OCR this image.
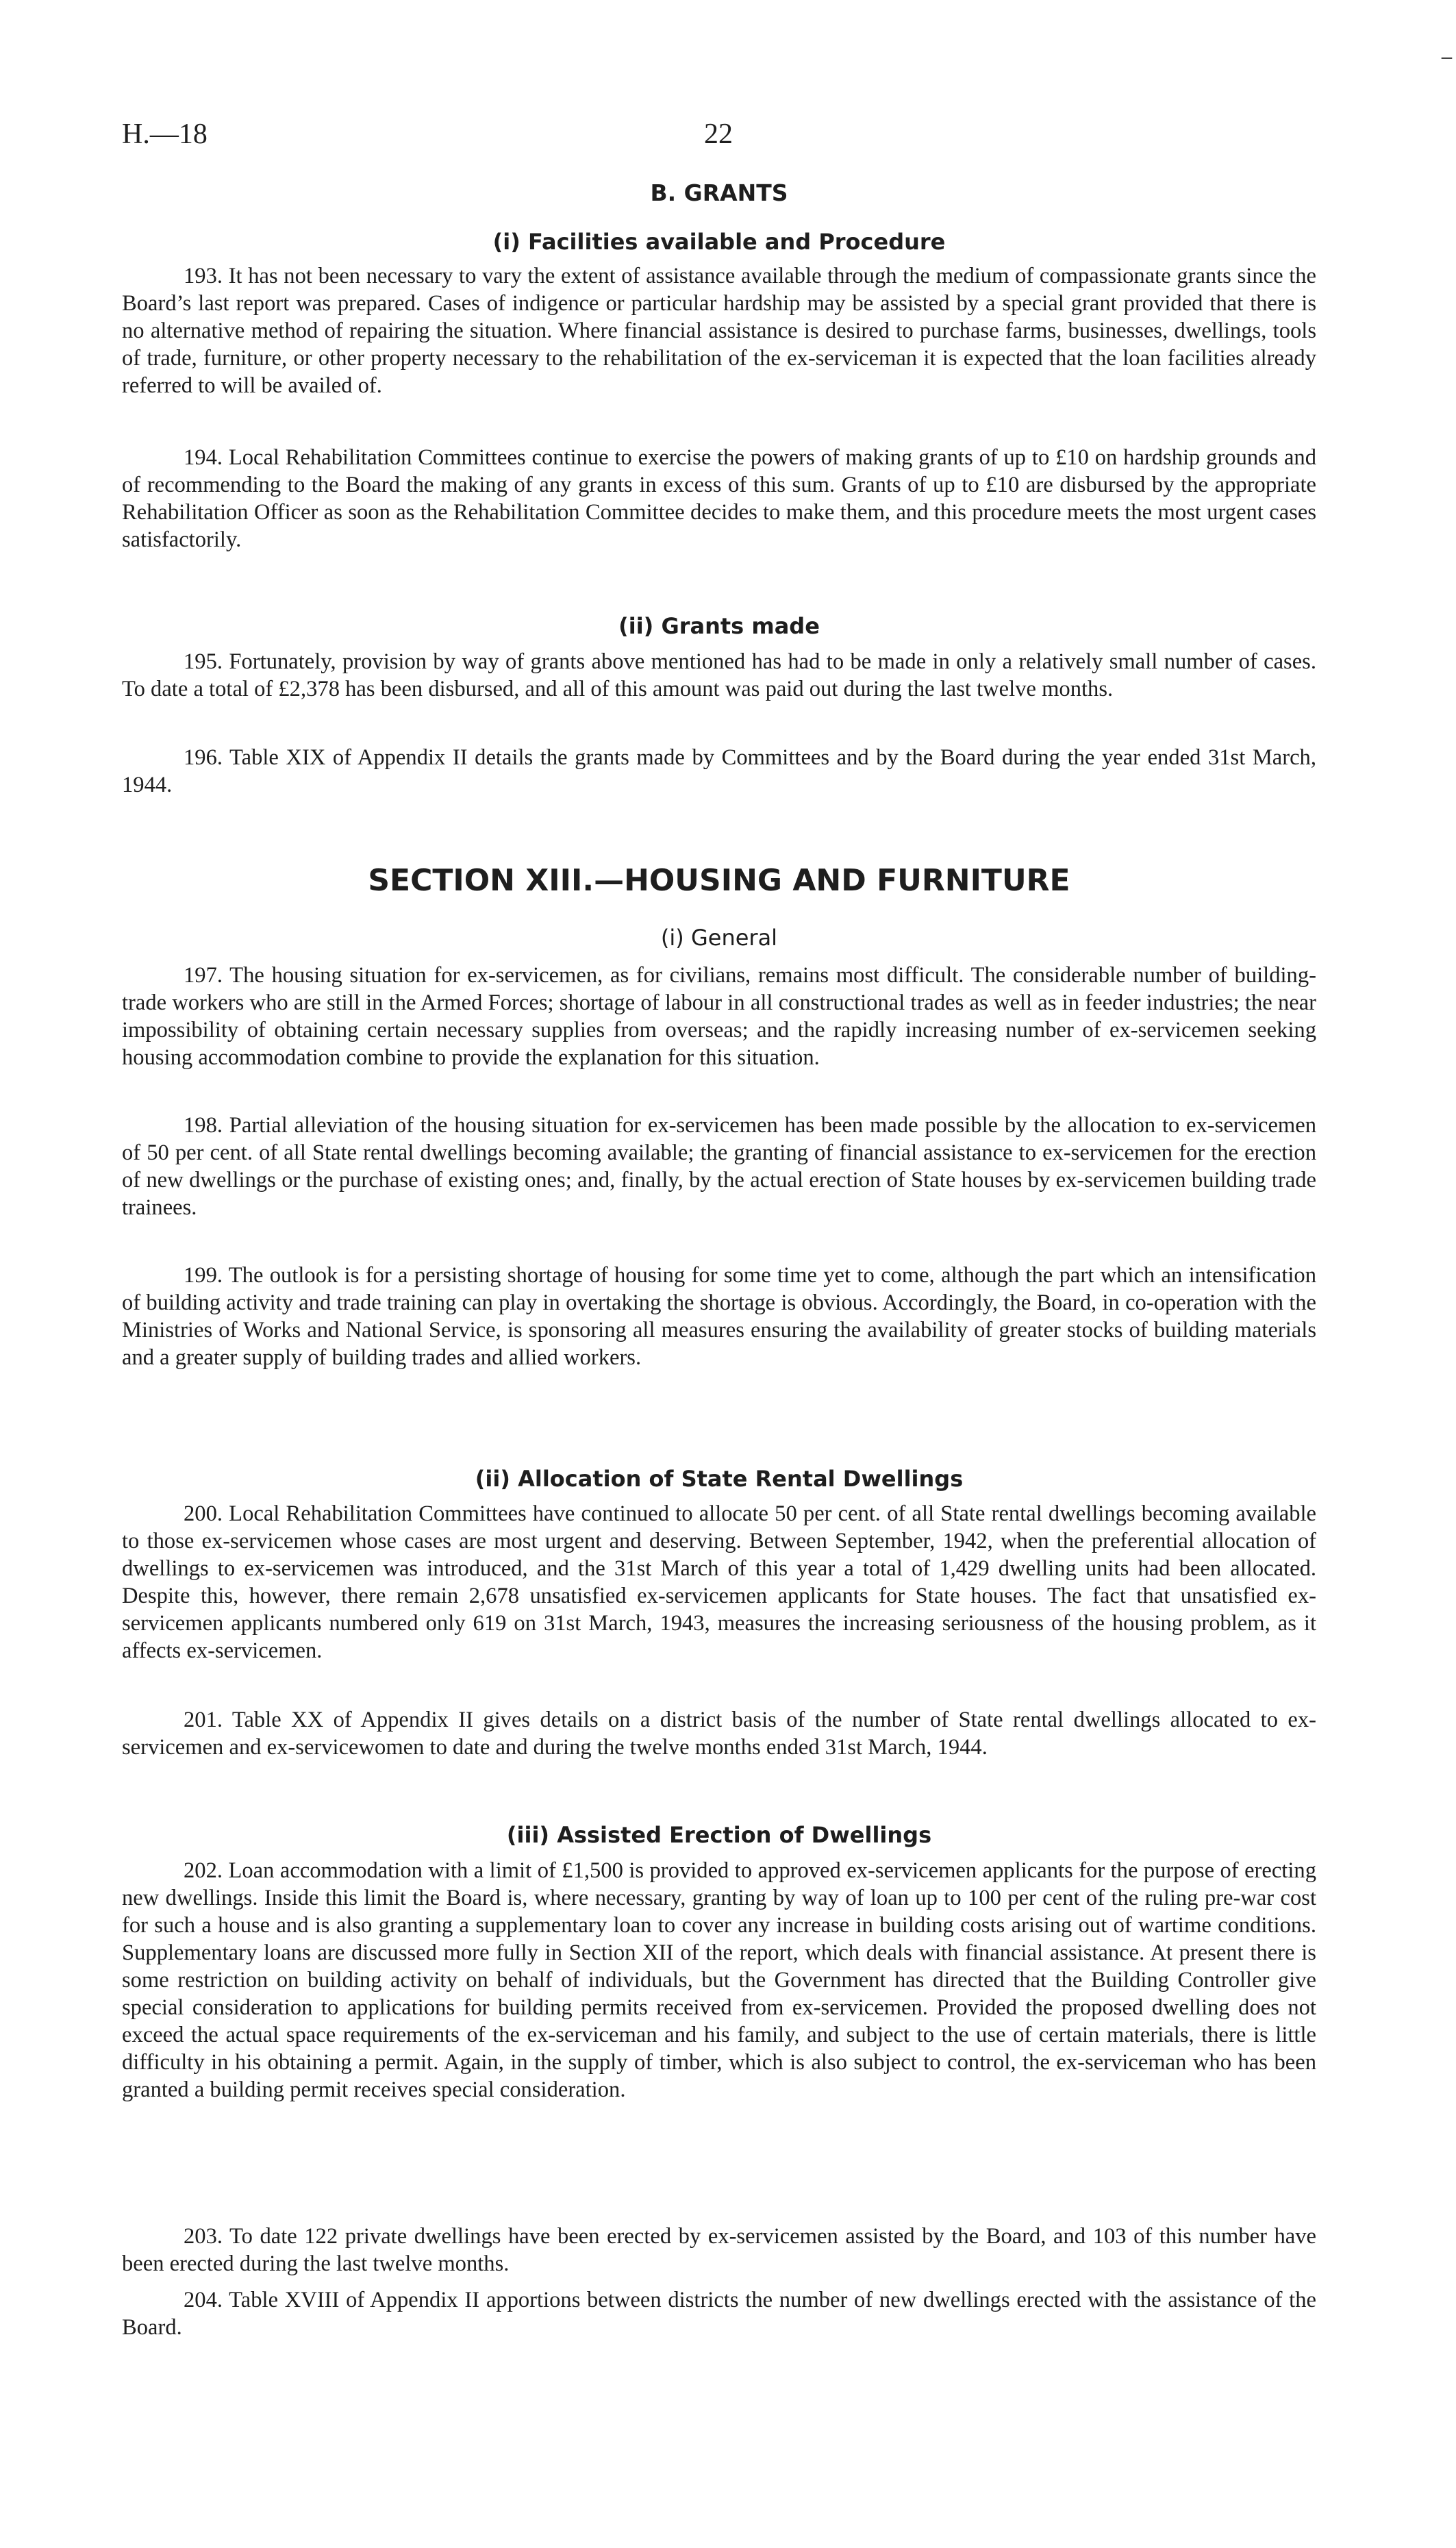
_
H.—18	22
B. GRANTS
(i) Facilities available and Procedure

193. It has not been necessary to vary the extent of assistance available through the medium of compassionate grants since the Board’s last report was prepared. Cases of indigence or particular hardship may be assisted by a special grant provided that there is no alternative method of repairing the situation. Where financial assistance is desired to purchase farms, businesses, dwellings, tools of trade, furniture, or other property necessary to the rehabilitation of the ex-serviceman it is expected that the loan facilities already referred to will be availed of.

194. Local Rehabilitation Committees continue to exercise the powers of making grants of up to £10 on hardship grounds and of recommending to the Board the making of any grants in excess of this sum. Grants of up to £10 are disbursed by the appropriate Rehabilitation Officer as soon as the Rehabilitation Committee decides to make them, and this procedure meets the most urgent cases satisfactorily.

(ii) Grants made

195. Fortunately, provision by way of grants above mentioned has had to be made in only a relatively small number of cases. To date a total of £2,378 has been disbursed, and all of this amount was paid out during the last twelve months.

196. Table XIX of Appendix II details the grants made by Committees and by the Board during the year ended 31st March, 1944.

SECTION XIII.—HOUSING AND FURNITURE
(i) General

197. The housing situation for ex-servicemen, as for civilians, remains most difficult. The considerable number of building-trade workers who are still in the Armed Forces; shortage of labour in all constructional trades as well as in feeder industries; the near impossibility of obtaining certain necessary supplies from overseas; and the rapidly increasing number of ex-servicemen seeking housing accommodation combine to provide the explanation for this situation.

198. Partial alleviation of the housing situation for ex-servicemen has been made possible by the allocation to ex-servicemen of 50 per cent. of all State rental dwellings becoming available; the granting of financial assistance to ex-servicemen for the erection of new dwellings or the purchase of existing ones; and, finally, by the actual erection of State houses by ex-servicemen building trade trainees.

199. The outlook is for a persisting shortage of housing for some time yet to come, although the part which an intensification of building activity and trade training can play in overtaking the shortage is obvious. Accordingly, the Board, in co-operation with the Ministries of Works and National Service, is sponsoring all measures ensuring the availability of greater stocks of building materials and a greater supply of building trades and allied workers.

(ii) Allocation of State Rental Dwellings

200. Local Rehabilitation Committees have continued to allocate 50 per cent. of all State rental dwellings becoming available to those ex-servicemen whose cases are most urgent and deserving. Between September, 1942, when the preferential allocation of dwellings to ex-servicemen was introduced, and the 31st March of this year a total of 1,429 dwelling units had been allocated. Despite this, however, there remain 2,678 unsatisfied ex-servicemen applicants for State houses. The fact that unsatisfied ex-servicemen applicants numbered only 619 on 31st March, 1943, measures the increasing seriousness of the housing problem, as it affects ex-servicemen.

201. Table XX of Appendix II gives details on a district basis of the number of State rental dwellings allocated to ex-servicemen and ex-servicewomen to date and during the twelve months ended 31st March, 1944.

(iii) Assisted Erection of Dwellings

202. Loan accommodation with a limit of £1,500 is provided to approved ex-servicemen applicants for the purpose of erecting new dwellings. Inside this limit the Board is, where necessary, granting by way of loan up to 100 per cent of the ruling pre-war cost for such a house and is also granting a supplementary loan to cover any increase in building costs arising out of wartime conditions. Supplementary loans are discussed more fully in Section XII of the report, which deals with financial assistance. At present there is some restriction on building activity on behalf of individuals, but the Government has directed that the Building Controller give special consideration to applications for building permits received from ex-servicemen. Provided the proposed dwelling does not exceed the actual space requirements of the ex-serviceman and his family, and subject to the use of certain materials, there is little difficulty in his obtaining a permit. Again, in the supply of timber, which is also subject to control, the ex-serviceman who has been granted a building permit receives special consideration.

203. To date 122 private dwellings have been erected by ex-servicemen assisted by the Board, and 103 of this number have been erected during the last twelve months.

204. Table XVIII of Appendix II apportions between districts the number of new dwellings erected with the assistance of the Board.
